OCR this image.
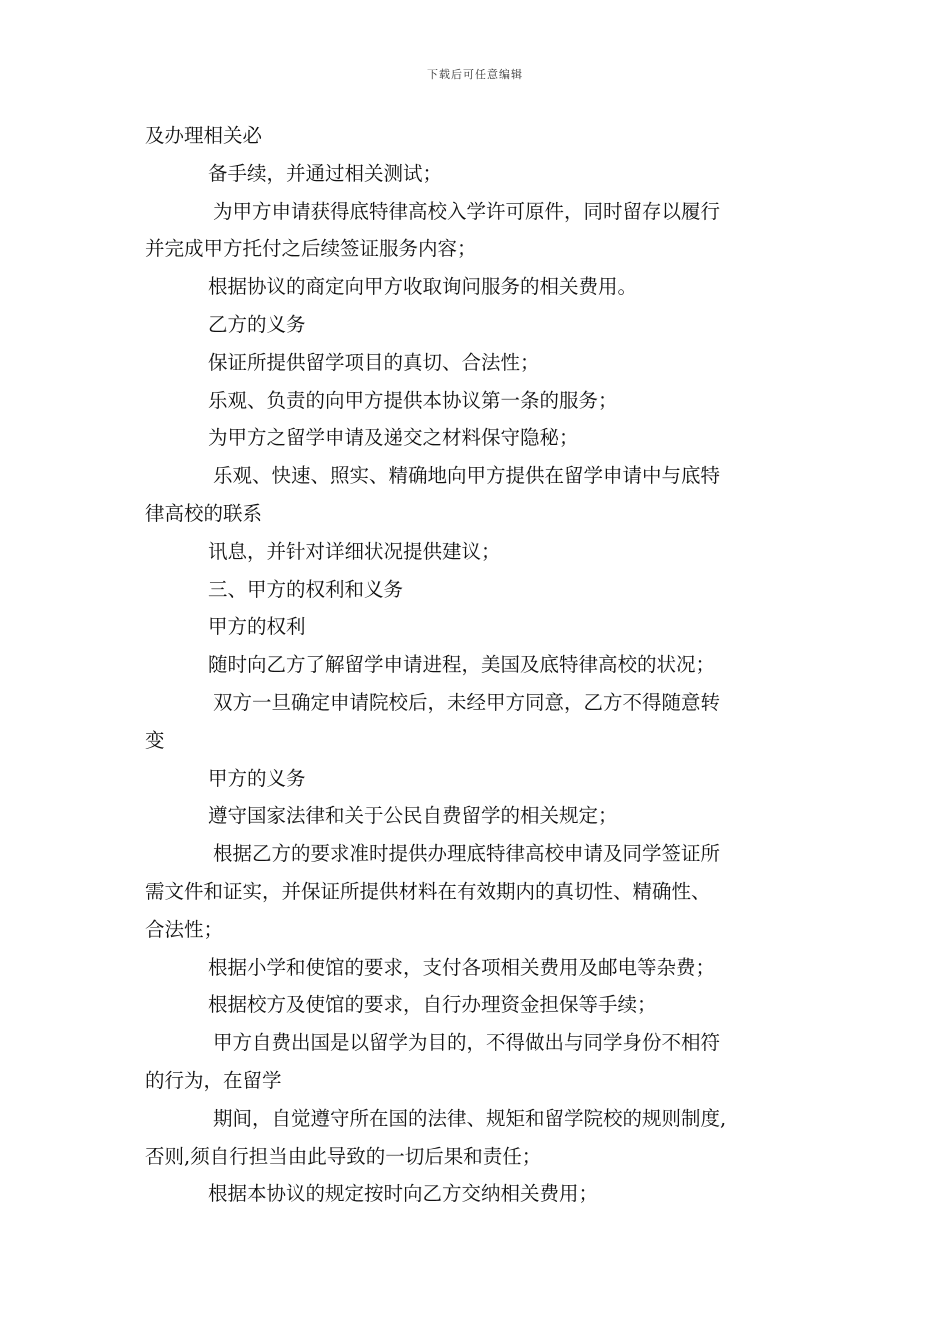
下载后可任意编辑
及办理相关必
备手续，并通过相关测试；
为甲方申请获得底特律高校入学许可原件，同时留存以履行
并完成甲方托付之后续签证服务内容；
根据协议的商定向甲方收取询问服务的相关费用。
乙方的义务
保证所提供留学项目的真切、合法性；
乐观、负责的向甲方提供本协议第一条的服务；
为甲方之留学申请及递交之材料保守隐秘；
乐观、快速、照实、精确地向甲方提供在留学申请中与底特
律高校的联系
讯息，并针对详细状况提供建议；
三、甲方的权利和义务
甲方的权利
随时向乙方了解留学申请进程，美国及底特律高校的状况；
双方一旦确定申请院校后，未经甲方同意，乙方不得随意转
变
甲方的义务
遵守国家法律和关于公民自费留学的相关规定；
根据乙方的要求准时提供办理底特律高校申请及同学签证所
需文件和证实，并保证所提供材料在有效期内的真切性、精确性、
合法性；
根据小学和使馆的要求，支付各项相关费用及邮电等杂费；
根据校方及使馆的要求，自行办理资金担保等手续；
甲方自费出国是以留学为目的，不得做出与同学身份不相符
的行为，在留学
期间，自觉遵守所在国的法律、规矩和留学院校的规则制度,
否则,须自行担当由此导致的一切后果和责任；
根据本协议的规定按时向乙方交纳相关费用；
